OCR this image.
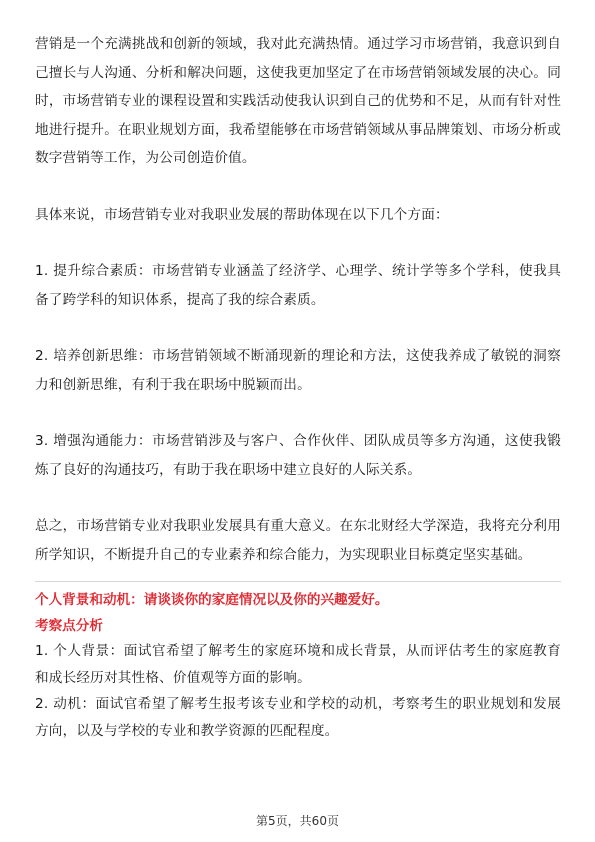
营销是一个充满挑战和创新的领域，我对此充满热情。通过学习市场营销，我意识到自己擅长与人沟通、分析和解决问题，这使我更加坚定了在市场营销领域发展的决心。同时，市场营销专业的课程设置和实践活动使我认识到自己的优势和不足，从而有针对性地进行提升。在职业规划方面，我希望能够在市场营销领域从事品牌策划、市场分析或数字营销等工作，为公司创造价值。

具体来说，市场营销专业对我职业发展的帮助体现在以下几个方面：

1. 提升综合素质：市场营销专业涵盖了经济学、心理学、统计学等多个学科，使我具备了跨学科的知识体系，提高了我的综合素质。

2. 培养创新思维：市场营销领域不断涌现新的理论和方法，这使我养成了敏锐的洞察力和创新思维，有利于我在职场中脱颖而出。

3. 增强沟通能力：市场营销涉及与客户、合作伙伴、团队成员等多方沟通，这使我锻炼了良好的沟通技巧，有助于我在职场中建立良好的人际关系。

总之，市场营销专业对我职业发展具有重大意义。在东北财经大学深造，我将充分利用所学知识，不断提升自己的专业素养和综合能力，为实现职业目标奠定坚实基础。

个人背景和动机：请谈谈你的家庭情况以及你的兴趣爱好。

考察点分析

1. 个人背景：面试官希望了解考生的家庭环境和成长背景，从而评估考生的家庭教育和成长经历对其性格、价值观等方面的影响。

2. 动机：面试官希望了解考生报考该专业和学校的动机，考察考生的职业规划和发展方向，以及与学校的专业和教学资源的匹配程度。

第5页，共60页
